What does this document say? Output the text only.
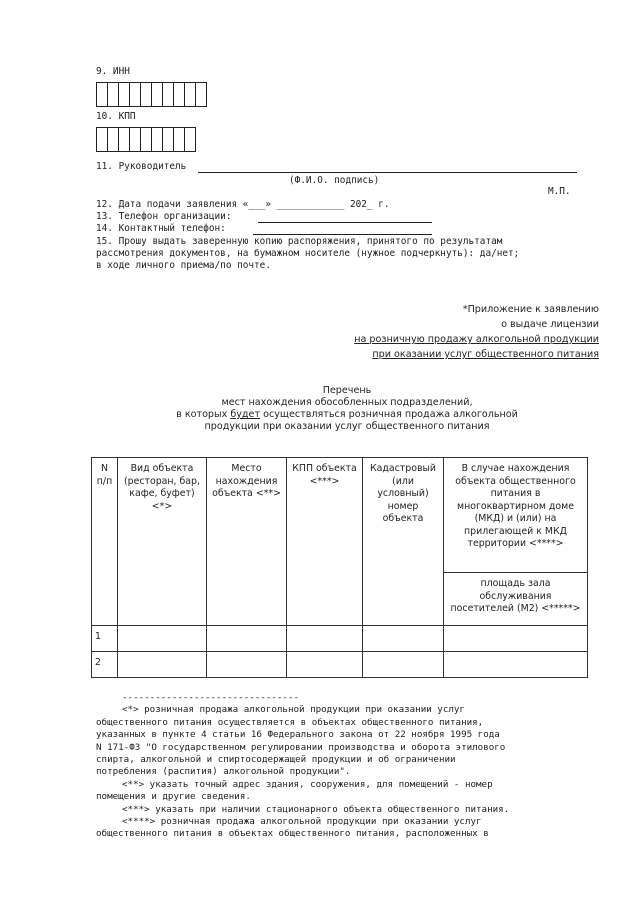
9. ИНН
10. КПП
11. Руководитель
(Ф.И.О. подпись)
М.П.
12. Дата подачи заявления «___» ____________ 202_ г.
13. Телефон организации:
14. Контактный телефон:
15. Прошу выдать заверенную копию распоряжения, принятого по результатам
рассмотрения документов, на бумажном носителе (нужное подчеркнуть): да/нет;
в ходе личного приема/по почте.
*Приложение к заявлению
о выдаче лицензии
на розничную продажу алкогольной продукции
при оказании услуг общественного питания
Перечень
мест нахождения обособленных подразделений,
в которых будет осуществляться розничная продажа алкогольной
продукции при оказании услуг общественного питания
N п/п	Вид объекта (ресторан, бар, кафе, буфет) <*>	Место нахождения объекта <**>	КПП объекта <***>	Кадастровый (или условный) номер объекта	В случае нахождения объекта общественного питания в многоквартирном доме (МКД) и (или) на прилегающей к МКД территории <****>
					площадь зала обслуживания посетителей (М2) <*****>
1					
2					

--------------------------------

<*> розничная продажа алкогольной продукции при оказании услуг

общественного питания осуществляется в объектах общественного питания,

указанных в пункте 4 статьи 16 Федерального закона от 22 ноября 1995 года

N 171-ФЗ "О государственном регулировании производства и оборота этилового

спирта, алкогольной и спиртосодержащей продукции и об ограничении

потребления (распития) алкогольной продукции".

<**> указать точный адрес здания, сооружения, для помещений - номер

помещения и другие сведения.

<***> указать при наличии стационарного объекта общественного питания.

<****> розничная продажа алкогольной продукции при оказании услуг

общественного питания в объектах общественного питания, расположенных в
